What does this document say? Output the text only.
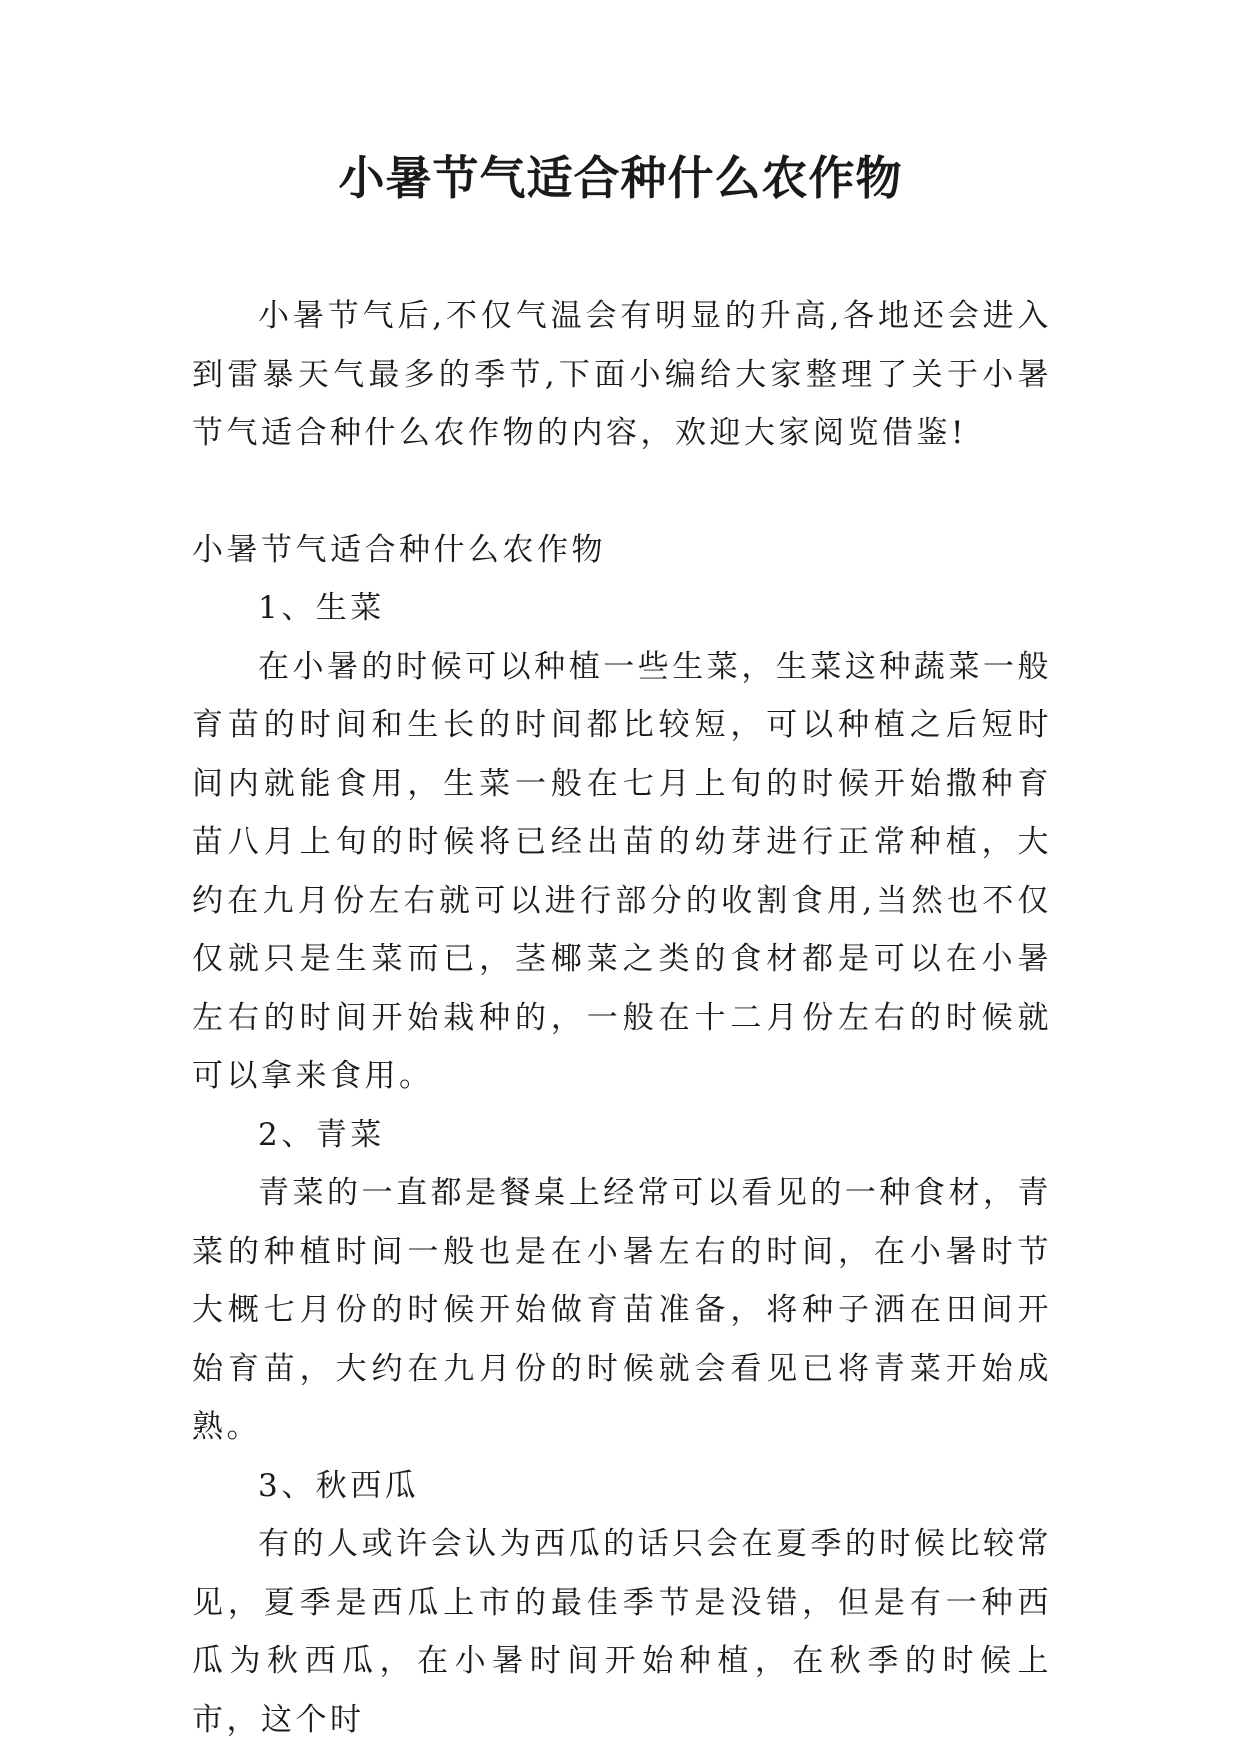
小暑节气适合种什么农作物

小暑节气后,不仅气温会有明显的升高,各地还会进入到雷暴天气最多的季节,下面小编给大家整理了关于小暑节气适合种什么农作物的内容，欢迎大家阅览借鉴!

小暑节气适合种什么农作物

1、生菜

在小暑的时候可以种植一些生菜，生菜这种蔬菜一般育苗的时间和生长的时间都比较短，可以种植之后短时间内就能食用，生菜一般在七月上旬的时候开始撒种育苗八月上旬的时候将已经出苗的幼芽进行正常种植，大约在九月份左右就可以进行部分的收割食用,当然也不仅仅就只是生菜而已，茎椰菜之类的食材都是可以在小暑左右的时间开始栽种的，一般在十二月份左右的时候就可以拿来食用。

2、青菜

青菜的一直都是餐桌上经常可以看见的一种食材，青菜的种植时间一般也是在小暑左右的时间，在小暑时节大概七月份的时候开始做育苗准备，将种子洒在田间开始育苗，大约在九月份的时候就会看见已将青菜开始成熟。

3、秋西瓜

有的人或许会认为西瓜的话只会在夏季的时候比较常见，夏季是西瓜上市的最佳季节是没错，但是有一种西瓜为秋西瓜，在小暑时间开始种植，在秋季的时候上市，这个时
